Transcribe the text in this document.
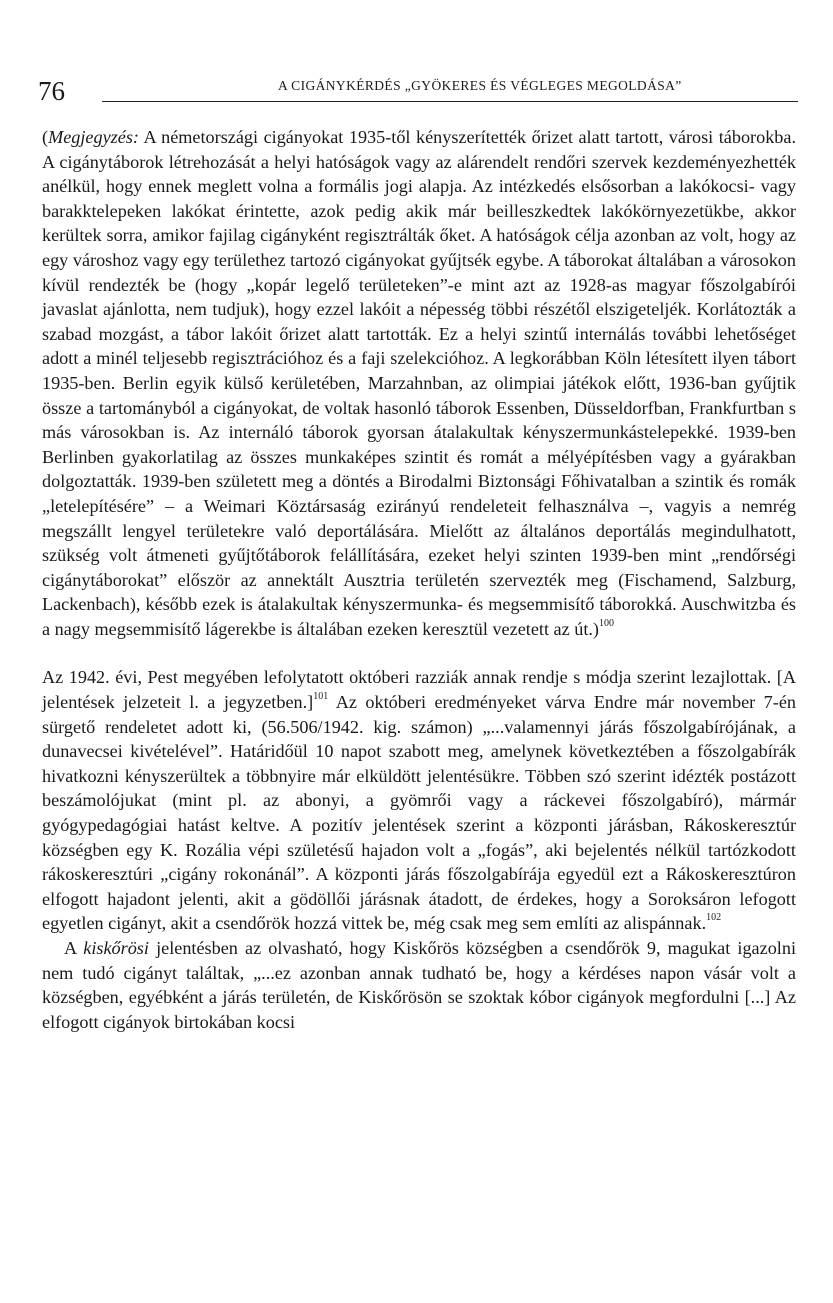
76	A CIGÁNYKÉRDÉS „GYÖKERES ÉS VÉGLEGES MEGOLDÁSA”

(Megjegyzés: A németországi cigányokat 1935-től kényszerítették őrizet alatt tartott, városi táborokba. A cigánytáborok létrehozását a helyi hatóságok vagy az alárendelt rendőri szervek kezdeményezhették anélkül, hogy ennek meglett volna a formális jogi alapja. Az intézkedés elsősorban a lakókocsi- vagy barakktelepeken lakókat érintette, azok pedig akik már beilleszkedtek lakókörnyezetükbe, akkor kerültek sorra, amikor fajilag cigányként regisztrálták őket. A hatóságok célja azonban az volt, hogy az egy városhoz vagy egy területhez tartozó cigányokat gyűjtsék egybe. A táborokat általában a városokon kívül rendezték be (hogy „kopár legelő területeken”-e mint azt az 1928-as magyar főszolgabírói javaslat ajánlotta, nem tudjuk), hogy ezzel lakóit a népesség többi részétől elszigeteljék. Korlátozták a szabad mozgást, a tábor lakóit őrizet alatt tartották. Ez a helyi szintű internálás további lehetőséget adott a minél teljesebb regisztrációhoz és a faji szelekcióhoz. A legkorábban Köln létesített ilyen tábort 1935-ben. Berlin egyik külső kerületében, Marzahnban, az olimpiai játékok előtt, 1936-ban gyűjtik össze a tartományból a cigányokat, de voltak hasonló táborok Essenben, Düsseldorfban, Frankfurtban s más városokban is. Az internáló táborok gyorsan átalakultak kényszermunkástelepekké. 1939-ben Berlinben gyakorlatilag az összes munkaképes szintit és romát a mélyépítésben vagy a gyárakban dolgoztatták. 1939-ben született meg a döntés a Birodalmi Biztonsági Főhivatalban a szintik és romák „letelepítésére” – a Weimari Köztársaság ezirányú rendeleteit felhasználva –, vagyis a nemrég megszállt lengyel területekre való deportálására. Mielőtt az általános deportálás megindulhatott, szükség volt átmeneti gyűjtőtáborok felállítására, ezeket helyi szinten 1939-ben mint „rendőrségi cigánytáborokat” először az annektált Ausztria területén szervezték meg (Fischamend, Salzburg, Lackenbach), később ezek is átalakultak kényszermunka- és megsemmisítő táborokká. Auschwitzba és a nagy megsemmisítő lágerekbe is általában ezeken keresztül vezetett az út.)$^{100}$

Az 1942. évi, Pest megyében lefolytatott októberi razziák annak rendje s módja szerint lezajlottak. [A jelentések jelzeteit l. a jegyzetben.]$^{101}$ Az októberi eredményeket várva Endre már november 7-én sürgető rendeletet adott ki, (56.506/1942. kig. számon) „...valamennyi járás főszolgabírójának, a dunavecsei kivételével”. Határidőül 10 napot szabott meg, amelynek következtében a főszolgabírák hivatkozni kényszerültek a többnyire már elküldött jelentésükre. Többen szó szerint idézték postázott beszámolójukat (mint pl. az abonyi, a gyömrői vagy a ráckevei főszolgabíró), mármár gyógypedagógiai hatást keltve. A pozitív jelentések szerint a központi járásban, Rákoskeresztúr községben egy K. Rozália vépi születésű hajadon volt a „fogás”, aki bejelentés nélkül tartózkodott rákoskeresztúri „cigány rokonánál”. A központi járás főszolgabírája egyedül ezt a Rákoskeresztúron elfogott hajadont jelenti, akit a gödöllői járásnak átadott, de érdekes, hogy a Soroksáron lefogott egyetlen cigányt, akit a csendőrök hozzá vittek be, még csak meg sem említi az alispánnak.$^{102}$

A kiskőrösi jelentésben az olvasható, hogy Kiskőrös községben a csendőrök 9, magukat igazolni nem tudó cigányt találtak, „...ez azonban annak tudható be, hogy a kérdéses napon vásár volt a községben, egyébként a járás területén, de Kiskőrösön se szoktak kóbor cigányok megfordulni [...] Az elfogott cigányok birtokában kocsi
